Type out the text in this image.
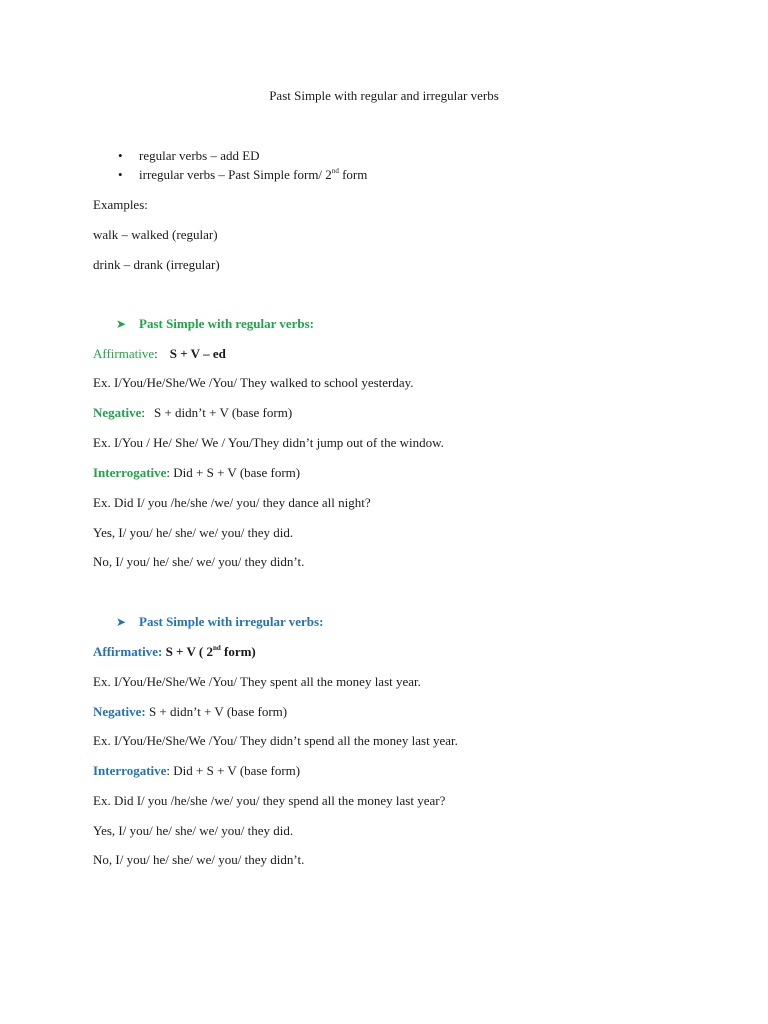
Past Simple with regular and irregular verbs
• regular verbs – add ED
• irregular verbs – Past Simple form/ 2nd form
Examples:
walk – walked (regular)
drink – drank (irregular)
➤ Past Simple with regular verbs:
Affirmative: S + V – ed
Ex. I/You/He/She/We /You/ They walked to school yesterday.
Negative: S + didn’t + V (base form)
Ex. I/You / He/ She/ We / You/They didn’t jump out of the window.
Interrogative: Did + S + V (base form)
Ex. Did I/ you /he/she /we/ you/ they dance all night?
Yes, I/ you/ he/ she/ we/ you/ they did.
No, I/ you/ he/ she/ we/ you/ they didn’t.
➤ Past Simple with irregular verbs:
Affirmative: S + V ( 2nd form)
Ex. I/You/He/She/We /You/ They spent all the money last year.
Negative: S + didn’t + V (base form)
Ex. I/You/He/She/We /You/ They didn’t spend all the money last year.
Interrogative: Did + S + V (base form)
Ex. Did I/ you /he/she /we/ you/ they spend all the money last year?
Yes, I/ you/ he/ she/ we/ you/ they did.
No, I/ you/ he/ she/ we/ you/ they didn’t.
